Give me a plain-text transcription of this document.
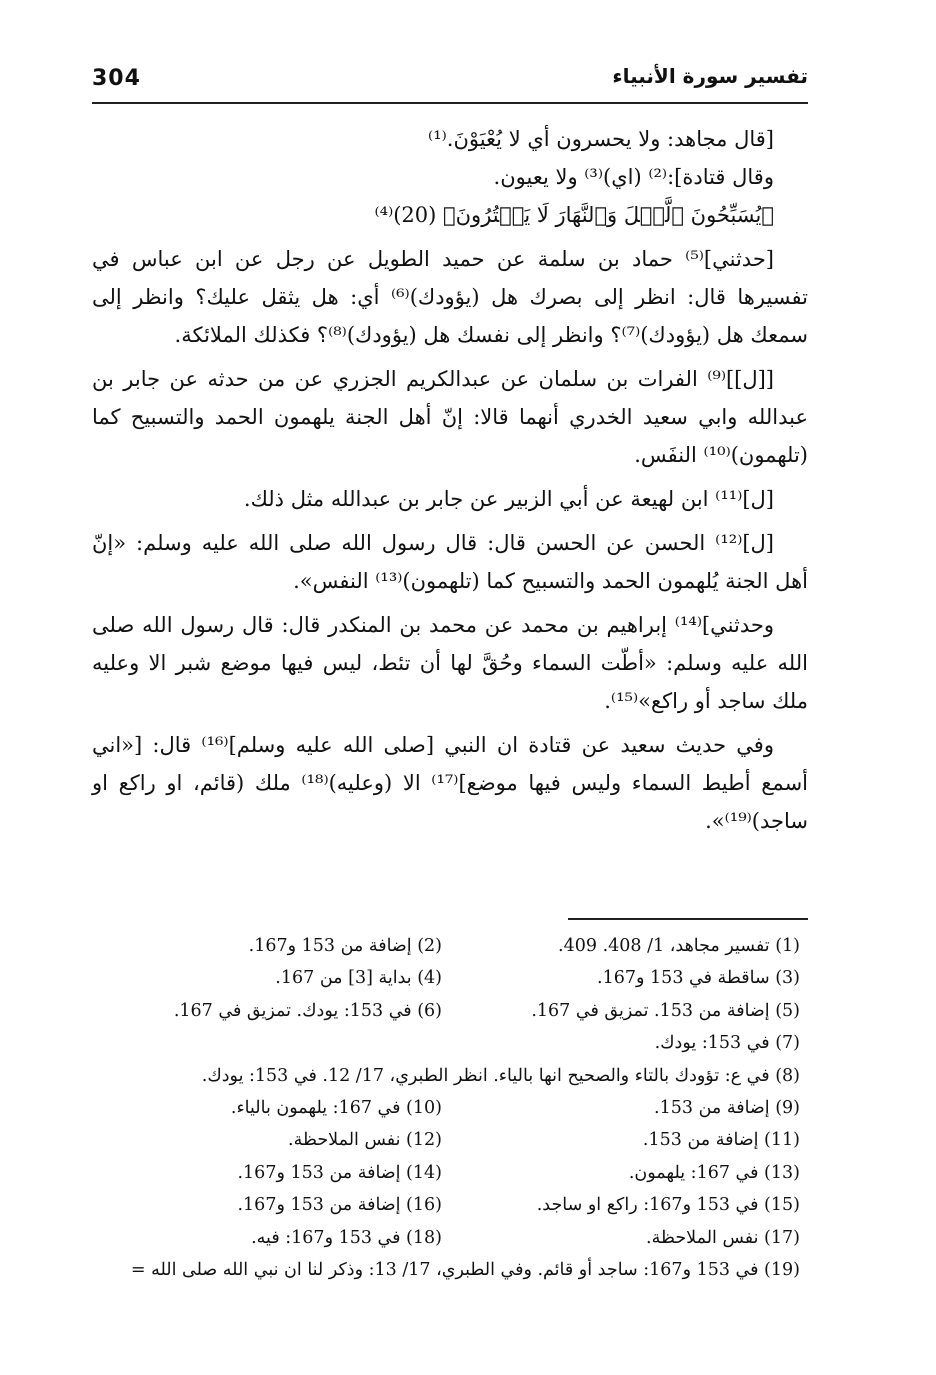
304	تفسير سورة الأنبياء

[قال مجاهد: ولا يحسرون أي لا يُعْيَوْنَ.⁽¹⁾

وقال قتادة]:⁽²⁾ (اي)⁽³⁾ ولا يعيون.

﴿يُسَبِّحُونَ ٱلَّيۡلَ وَٱلنَّهَارَ لَا يَفۡتُرُونَ﴾ (20)⁽⁴⁾

[حدثني]⁽⁵⁾ حماد بن سلمة عن حميد الطويل عن رجل عن ابن عباس في تفسيرها قال: انظر إلى بصرك هل (يؤودك)⁽⁶⁾ أي: هل يثقل عليك؟ وانظر إلى سمعك هل (يؤودك)⁽⁷⁾؟ وانظر إلى نفسك هل (يؤودك)⁽⁸⁾؟ فكذلك الملائكة.

[[ل]]⁽⁹⁾ الفرات بن سلمان عن عبدالكريم الجزري عن من حدثه عن جابر بن عبدالله وابي سعيد الخدري أنهما قالا: إنّ أهل الجنة يلهمون الحمد والتسبيح كما (تلهمون)⁽¹⁰⁾ النفَس.

[ل]⁽¹¹⁾ ابن لهيعة عن أبي الزبير عن جابر بن عبدالله مثل ذلك.

[ل]⁽¹²⁾ الحسن عن الحسن قال: قال رسول الله صلى الله عليه وسلم: «إنّ أهل الجنة يُلهمون الحمد والتسبيح كما (تلهمون)⁽¹³⁾ النفس».

وحدثني]⁽¹⁴⁾ إبراهيم بن محمد عن محمد بن المنكدر قال: قال رسول الله صلى الله عليه وسلم: «أطّت السماء وحُقَّ لها أن تئط، ليس فيها موضع شبر الا وعليه ملك ساجد أو راكع»⁽¹⁵⁾.

وفي حديث سعيد عن قتادة ان النبي [صلى الله عليه وسلم]⁽¹⁶⁾ قال: [«اني أسمع أطيط السماء وليس فيها موضع]⁽¹⁷⁾ الا (وعليه)⁽¹⁸⁾ ملك (قائم، او راكع او ساجد)⁽¹⁹⁾».

(1) تفسير مجاهد، 1/ 408. 409.
(2) إضافة من 153 و167.
(3) ساقطة في 153 و167.
(4) بداية [3] من 167.
(5) إضافة من 153. تمزيق في 167.
(6) في 153: يودك. تمزيق في 167.
(7) في 153: يودك.
(8) في ع: تؤودك بالتاء والصحيح انها بالياء. انظر الطبري، 17/ 12. في 153: يودك.
(9) إضافة من 153.
(10) في 167: يلهمون بالياء.
(11) إضافة من 153.
(12) نفس الملاحظة.
(13) في 167: يلهمون.
(14) إضافة من 153 و167.
(15) في 153 و167: راكع او ساجد.
(16) إضافة من 153 و167.
(17) نفس الملاحظة.
(18) في 153 و167: فيه.
(19) في 153 و167: ساجد أو قائم. وفي الطبري، 17/ 13: وذكر لنا ان نبي الله صلى الله =
